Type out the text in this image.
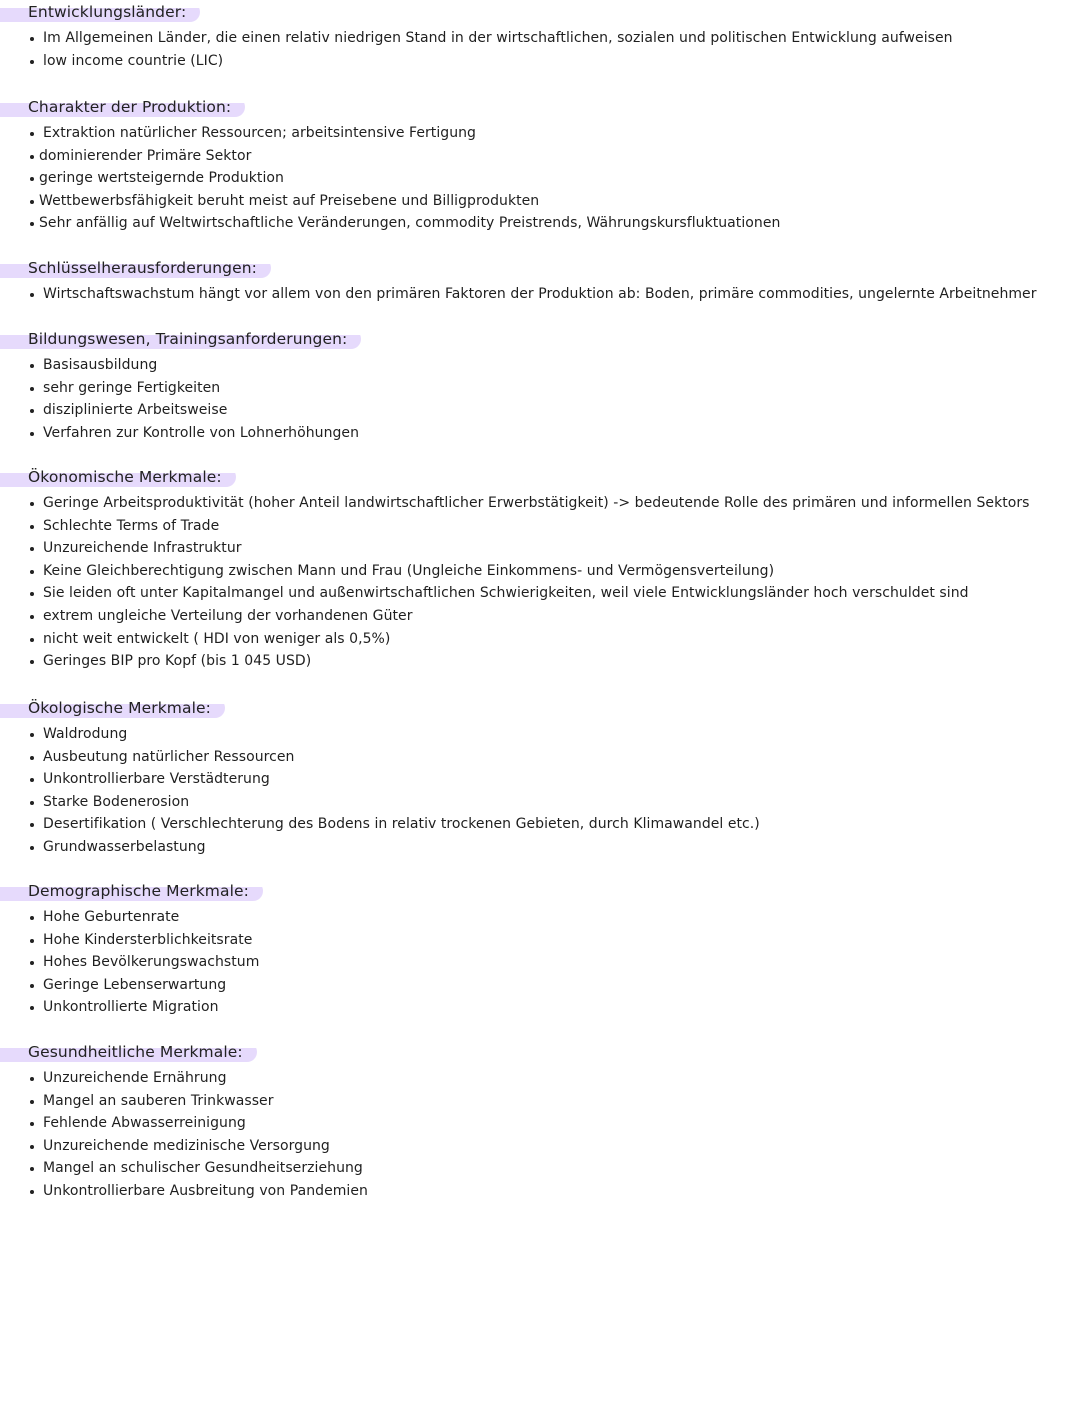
Entwicklungsländer:
Im Allgemeinen Länder, die einen relativ niedrigen Stand in der wirtschaftlichen, sozialen und politischen Entwicklung aufweisen
low income countrie (LIC)
Charakter der Produktion:
Extraktion natürlicher Ressourcen; arbeitsintensive Fertigung
dominierender Primäre Sektor
geringe wertsteigernde Produktion
Wettbewerbsfähigkeit beruht meist auf Preisebene und Billigprodukten
Sehr anfällig auf Weltwirtschaftliche Veränderungen, commodity Preistrends, Währungskursfluktuationen
Schlüsselherausforderungen:
Wirtschaftswachstum hängt vor allem von den primären Faktoren der Produktion ab: Boden, primäre commodities, ungelernte Arbeitnehmer
Bildungswesen, Trainingsanforderungen:
Basisausbildung
sehr geringe Fertigkeiten
disziplinierte Arbeitsweise
Verfahren zur Kontrolle von Lohnerhöhungen
Ökonomische Merkmale:
Geringe Arbeitsproduktivität (hoher Anteil landwirtschaftlicher Erwerbstätigkeit) -> bedeutende Rolle des primären und informellen Sektors
Schlechte Terms of Trade
Unzureichende Infrastruktur
Keine Gleichberechtigung zwischen Mann und Frau (Ungleiche Einkommens- und Vermögensverteilung)
Sie leiden oft unter Kapitalmangel und außenwirtschaftlichen Schwierigkeiten, weil viele Entwicklungsländer hoch verschuldet sind
extrem ungleiche Verteilung der vorhandenen Güter
nicht weit entwickelt ( HDI von weniger als 0,5%)
Geringes BIP pro Kopf (bis 1 045 USD)
Ökologische Merkmale:
Waldrodung
Ausbeutung natürlicher Ressourcen
Unkontrollierbare Verstädterung
Starke Bodenerosion
Desertifikation ( Verschlechterung des Bodens in relativ trockenen Gebieten, durch Klimawandel etc.)
Grundwasserbelastung
Demographische Merkmale:
Hohe Geburtenrate
Hohe Kindersterblichkeitsrate
Hohes Bevölkerungswachstum
Geringe Lebenserwartung
Unkontrollierte Migration
Gesundheitliche Merkmale:
Unzureichende Ernährung
Mangel an sauberen Trinkwasser
Fehlende Abwasserreinigung
Unzureichende medizinische Versorgung
Mangel an schulischer Gesundheitserziehung
Unkontrollierbare Ausbreitung von Pandemien
